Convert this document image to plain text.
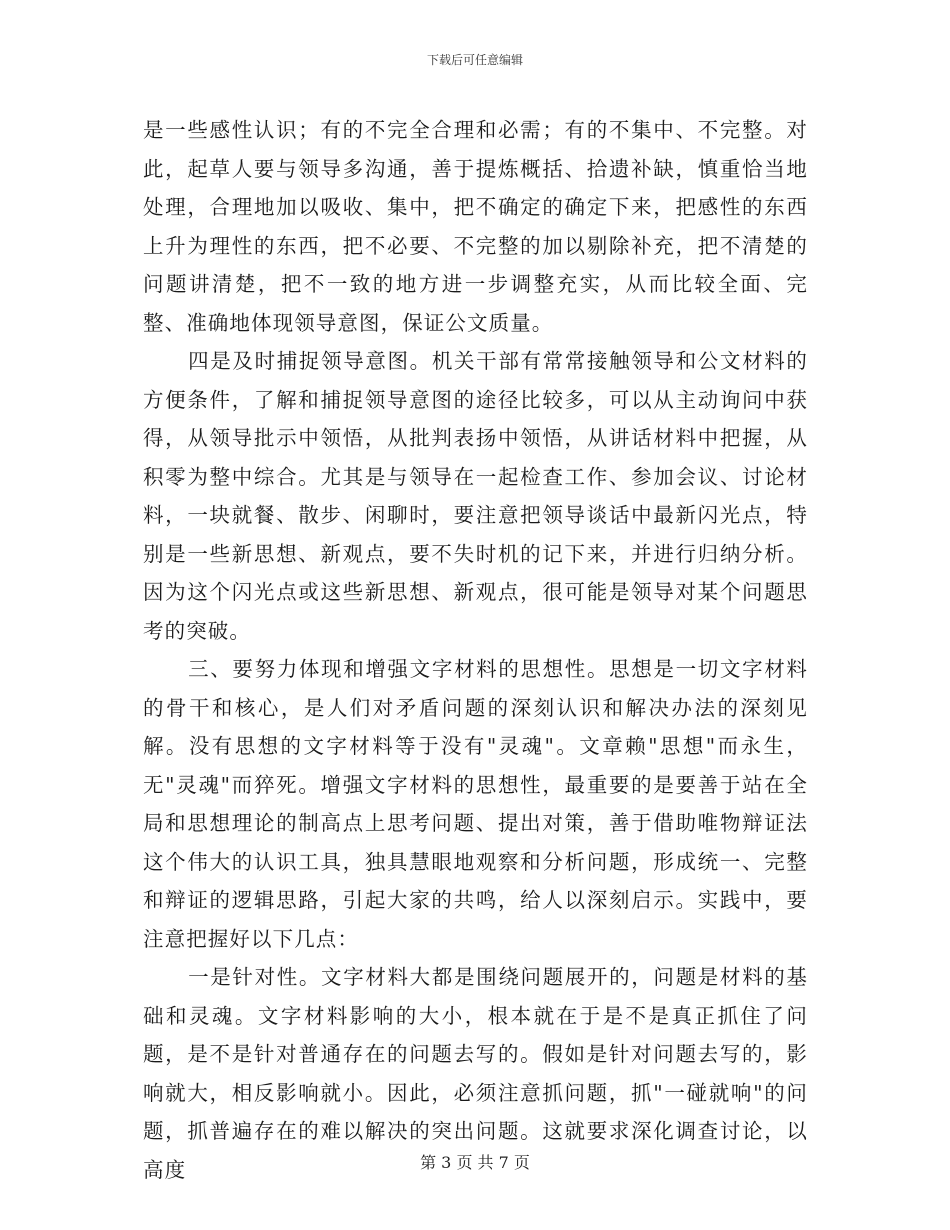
下载后可任意编辑

是一些感性认识；有的不完全合理和必需；有的不集中、不完整。对此，起草人要与领导多沟通，善于提炼概括、拾遗补缺，慎重恰当地处理，合理地加以吸收、集中，把不确定的确定下来，把感性的东西上升为理性的东西，把不必要、不完整的加以剔除补充，把不清楚的问题讲清楚，把不一致的地方进一步调整充实，从而比较全面、完整、准确地体现领导意图，保证公文质量。

四是及时捕捉领导意图。机关干部有常常接触领导和公文材料的方便条件，了解和捕捉领导意图的途径比较多，可以从主动询问中获得，从领导批示中领悟，从批判表扬中领悟，从讲话材料中把握，从积零为整中综合。尤其是与领导在一起检查工作、参加会议、讨论材料，一块就餐、散步、闲聊时，要注意把领导谈话中最新闪光点，特别是一些新思想、新观点，要不失时机的记下来，并进行归纳分析。因为这个闪光点或这些新思想、新观点，很可能是领导对某个问题思考的突破。

三、要努力体现和增强文字材料的思想性。思想是一切文字材料的骨干和核心，是人们对矛盾问题的深刻认识和解决办法的深刻见解。没有思想的文字材料等于没有"灵魂"。文章赖"思想"而永生，无"灵魂"而猝死。增强文字材料的思想性，最重要的是要善于站在全局和思想理论的制高点上思考问题、提出对策，善于借助唯物辩证法这个伟大的认识工具，独具慧眼地观察和分析问题，形成统一、完整和辩证的逻辑思路，引起大家的共鸣，给人以深刻启示。实践中，要注意把握好以下几点：

一是针对性。文字材料大都是围绕问题展开的，问题是材料的基础和灵魂。文字材料影响的大小，根本就在于是不是真正抓住了问题，是不是针对普通存在的问题去写的。假如是针对问题去写的，影响就大，相反影响就小。因此，必须注意抓问题，抓"一碰就响"的问题，抓普遍存在的难以解决的突出问题。这就要求深化调查讨论，以高度	第 3 页 共 7 页
